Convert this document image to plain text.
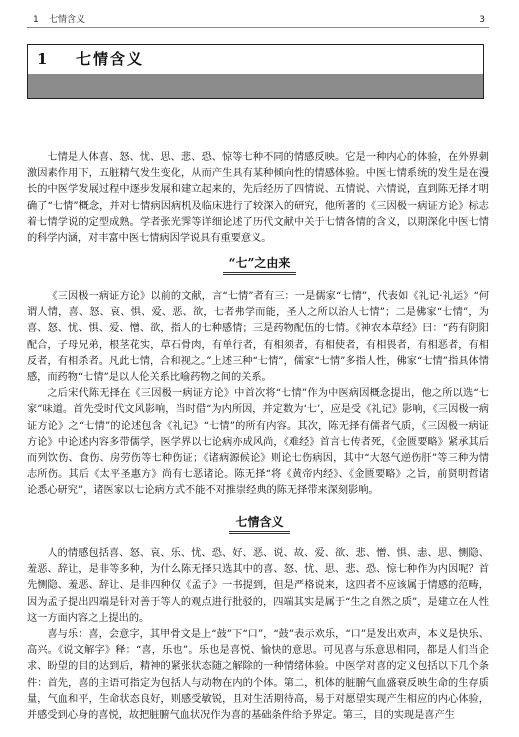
1 七情含义	3
1 七情含义

七情是人体喜、怒、忧、思、悲、恐、惊等七种不同的情感反映。它是一种内心的体验，在外界刺激因素作用下，五脏精气发生变化，从而产生具有某种倾向性的情感体验。中医七情系统的发生是在漫长的中医学发展过程中逐步发展和建立起来的，先后经历了四情说、五情说、六情说，直到陈无择才明确了“七情”概念，并对七情病因病机及临床进行了较深入的研究，他所著的《三因极一病证方论》标志着七情学说的定型成熟。学者张光霁等详细论述了历代文献中关于七情各情的含义，以期深化中医七情的科学内涵，对丰富中医七情病因学说具有重要意义。

“七”之由来

《三因极一病证方论》以前的文献，言“七情”者有三：一是儒家“七情”，代表如《礼记·礼运》“何谓人情，喜、怒、哀、惧、爱、恶、欲，七者弗学而能，圣人之所以治人七情”；二是佛家“七情”，为喜、怒、忧、惧、爱、憎、欲，指人的七种感情；三是药物配伍的七情。《神农本草经》曰：“药有阴阳配合，子母兄弟，根茎花实，草石骨肉，有单行者，有相须者，有相使者，有相畏者，有相恶者，有相反者，有相杀者。凡此七情，合和视之。”上述三种“七情”，儒家“七情”多指人性，佛家“七情”指具体情感，而药物“七情”是以人伦关系比喻药物之间的关系。

之后宋代陈无择在《三因极一病证方论》中首次将“七情”作为中医病因概念提出，他之所以选“七家”味道。首先受时代文风影响，当时借“为内所因，并定数为‘七’，应是受《礼记》影响，《三因极一病证方论》之“七情”的论述包含《礼记》“七情”的所有内容。其次，陈无择有儒者气质，《三因极一病证方论》中论述内容多带儒学，医学界以七论病亦成风尚，《难经》首言七传者死，《金匮要略》紧承其后而列饮伤、食伤、房劳伤等七种伤证；《诸病源候论》则论七伤病因，其中“大怒气逆伤肝”等三种为情志所伤。其后《太平圣惠方》尚有七恶诸论。陈无择“将《黄帝内经》、《金匮要略》之旨，前贤明哲诸论悉心研究”，诸医家以七论病方式不能不对推崇经典的陈无择带来深刻影响。

七情含义

人的情感包括喜、怒、哀、乐、忧、恐、好、恶、说、故、爱、欲、悲、憎、惧、恚、思、恻隐、羞恶、辞让，是非等多种，为什么陈无择只选其中的喜、怒、忧、思、悲、恐、惊七种作为内因呢？首先恻隐、羞恶、辞让、是非四种仅《孟子》一书提到，但是严格说来，这四者不应该属于情感的范畴，因为孟子提出四端是针对善于等人的观点进行批驳的，四端其实是属于“生之自然之质”，是建立在人性这一方面内容之上提出的。

喜与乐：喜，会意字，其甲骨文是上“鼓”下“口”，“鼓”表示欢乐，“口”是发出欢声，本义是快乐、高兴。《说文解字》释：“喜，乐也”。乐也是喜悦、愉快的意思。可见喜与乐意思相同，都是人们当企求、盼望的目的达到后，精神的紧张状态随之解除的一种情绪体验。中医学对喜的定义包括以下几个条件：首先，喜的主语可指定为包括人与动物在内的个体。第二，机体的脏腑气血盛衰反映生命的生存质量，气血和平，生命状态良好，则感受敏锐，且对生活期待高，易于对愿望实现产生相应的内心体验，并感受到心身的喜悦，故把脏腑气血状况作为喜的基础条件给予界定。第三，目的实现是喜产生
